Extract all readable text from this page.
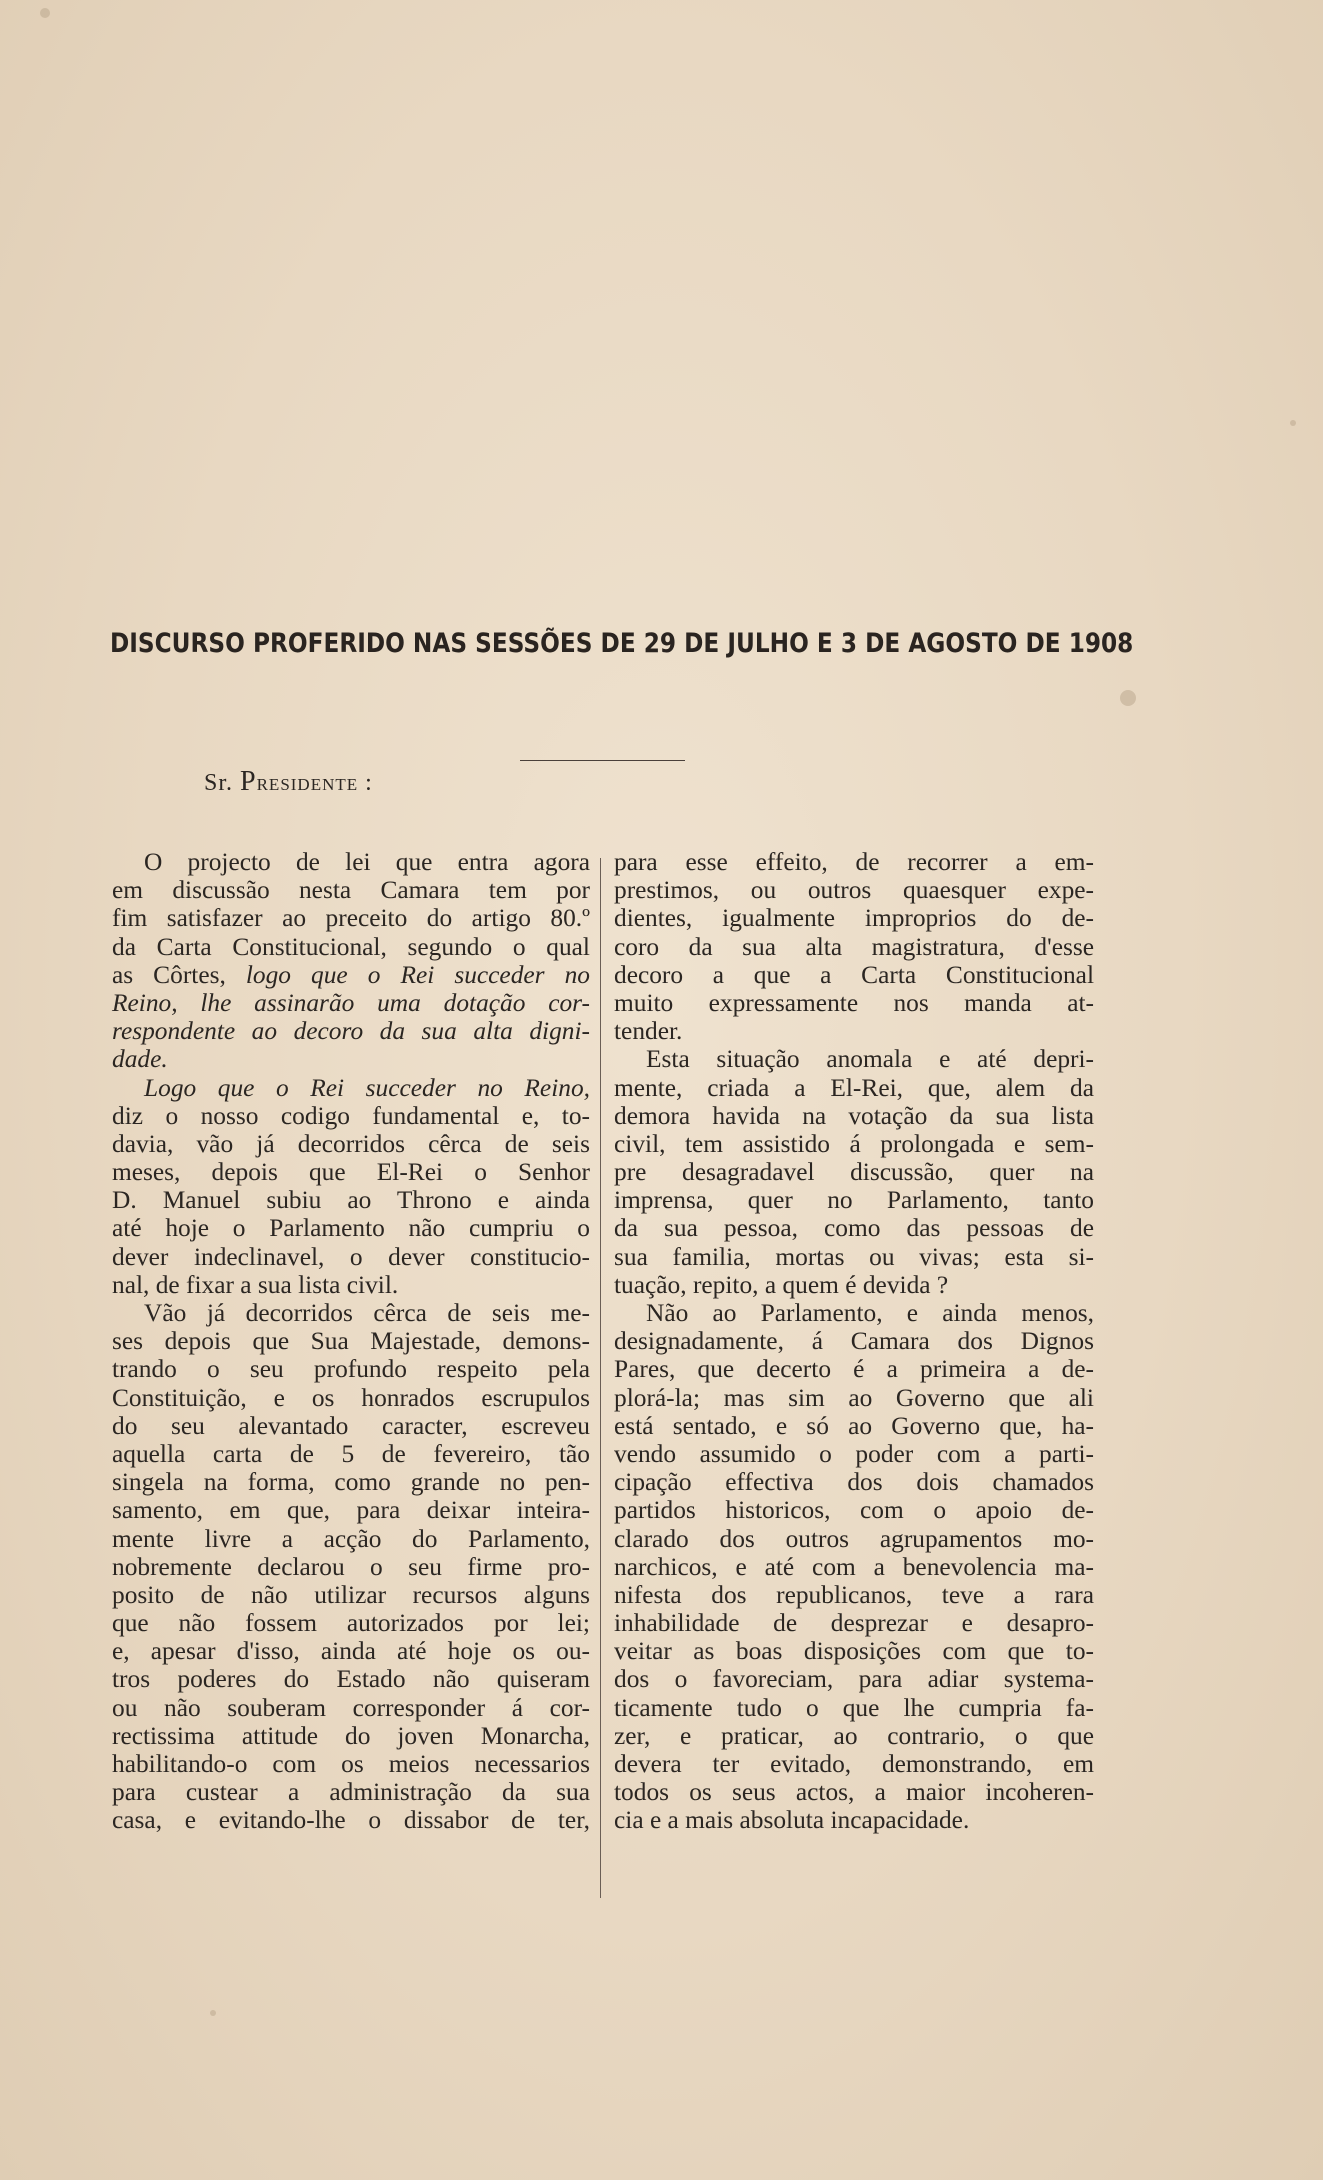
DISCURSO PROFERIDO NAS SESSÕES DE 29 DE JULHO E 3 DE AGOSTO DE 1908
Sr. Presidente :
O projecto de lei que entra agora
em discussão nesta Camara tem por
fim satisfazer ao preceito do artigo 80.º
da Carta Constitucional, segundo o qual
as Côrtes, logo que o Rei succeder no
Reino, lhe assinarão uma dotação cor-
respondente ao decoro da sua alta digni-
dade.
Logo que o Rei succeder no Reino,
diz o nosso codigo fundamental e, to-
davia, vão já decorridos cêrca de seis
meses, depois que El-Rei o Senhor
D. Manuel subiu ao Throno e ainda
até hoje o Parlamento não cumpriu o
dever indeclinavel, o dever constitucio-
nal, de fixar a sua lista civil.
Vão já decorridos cêrca de seis me-
ses depois que Sua Majestade, demons-
trando o seu profundo respeito pela
Constituição, e os honrados escrupulos
do seu alevantado caracter, escreveu
aquella carta de 5 de fevereiro, tão
singela na forma, como grande no pen-
samento, em que, para deixar inteira-
mente livre a acção do Parlamento,
nobremente declarou o seu firme pro-
posito de não utilizar recursos alguns
que não fossem autorizados por lei;
e, apesar d'isso, ainda até hoje os ou-
tros poderes do Estado não quiseram
ou não souberam corresponder á cor-
rectissima attitude do joven Monarcha,
habilitando-o com os meios necessarios
para custear a administração da sua
casa, e evitando-lhe o dissabor de ter,
para esse effeito, de recorrer a em-
prestimos, ou outros quaesquer expe-
dientes, igualmente improprios do de-
coro da sua alta magistratura, d'esse
decoro a que a Carta Constitucional
muito expressamente nos manda at-
tender.
Esta situação anomala e até depri-
mente, criada a El-Rei, que, alem da
demora havida na votação da sua lista
civil, tem assistido á prolongada e sem-
pre desagradavel discussão, quer na
imprensa, quer no Parlamento, tanto
da sua pessoa, como das pessoas de
sua familia, mortas ou vivas; esta si-
tuação, repito, a quem é devida ?
Não ao Parlamento, e ainda menos,
designadamente, á Camara dos Dignos
Pares, que decerto é a primeira a de-
plorá-la; mas sim ao Governo que ali
está sentado, e só ao Governo que, ha-
vendo assumido o poder com a parti-
cipação effectiva dos dois chamados
partidos historicos, com o apoio de-
clarado dos outros agrupamentos mo-
narchicos, e até com a benevolencia ma-
nifesta dos republicanos, teve a rara
inhabilidade de desprezar e desapro-
veitar as boas disposições com que to-
dos o favoreciam, para adiar systema-
ticamente tudo o que lhe cumpria fa-
zer, e praticar, ao contrario, o que
devera ter evitado, demonstrando, em
todos os seus actos, a maior incoheren-
cia e a mais absoluta incapacidade.
